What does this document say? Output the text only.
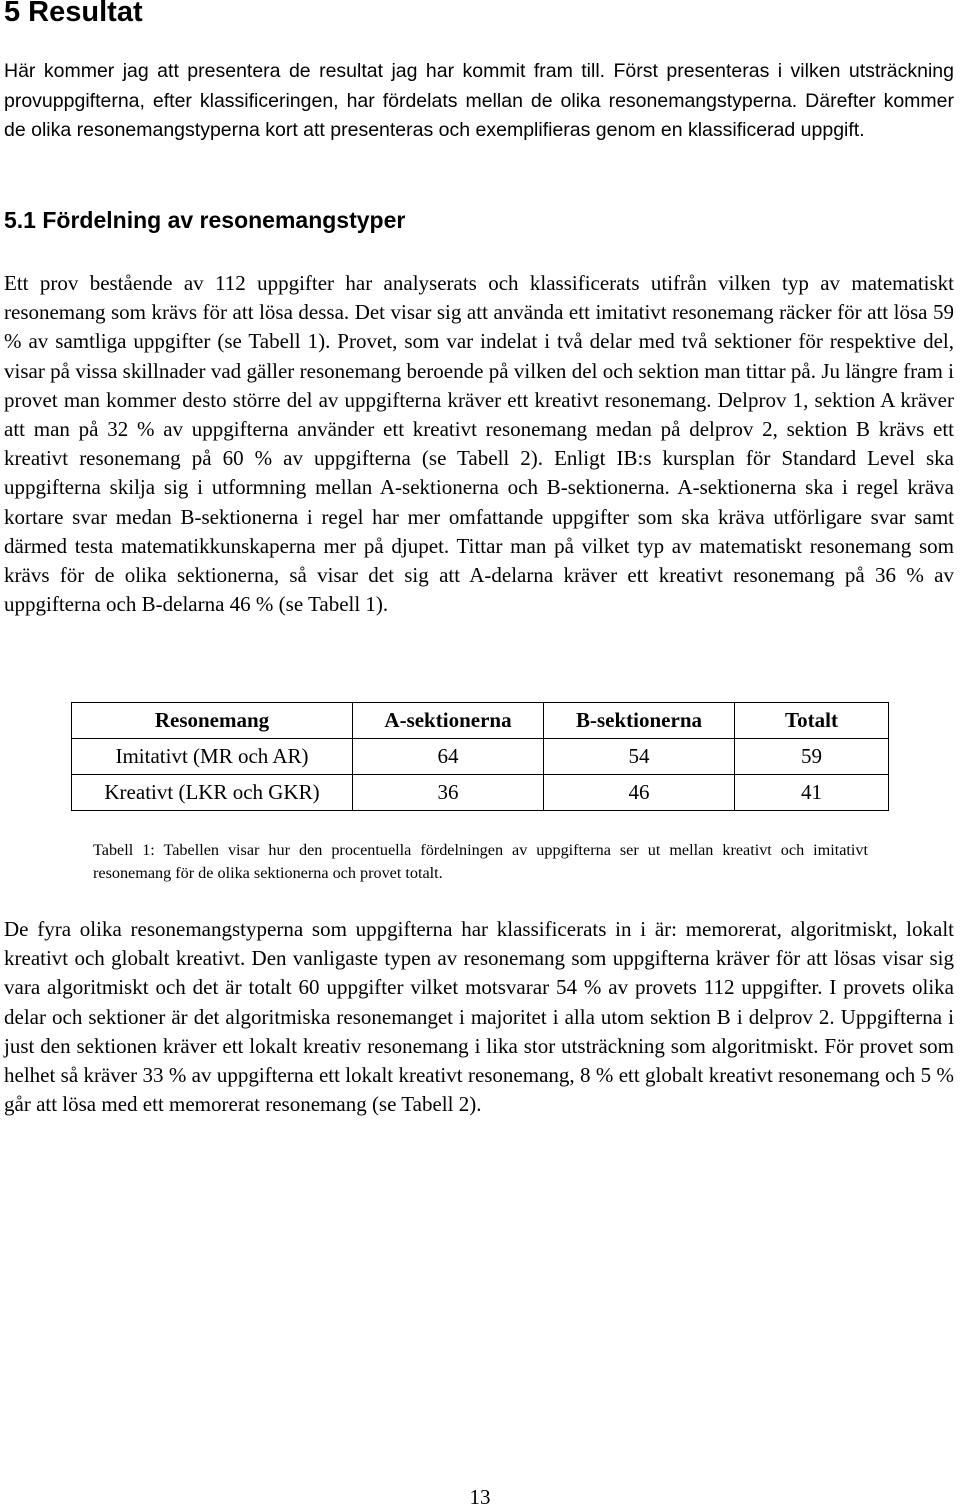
5 Resultat

Här kommer jag att presentera de resultat jag har kommit fram till. Först presenteras i vilken utsträckning provuppgifterna, efter klassificeringen, har fördelats mellan de olika resonemangstyperna. Därefter kommer de olika resonemangstyperna kort att presenteras och exemplifieras genom en klassificerad uppgift.

5.1 Fördelning av resonemangstyper

Ett prov bestående av 112 uppgifter har analyserats och klassificerats utifrån vilken typ av matematiskt resonemang som krävs för att lösa dessa. Det visar sig att använda ett imitativt resonemang räcker för att lösa 59 % av samtliga uppgifter (se Tabell 1). Provet, som var indelat i två delar med två sektioner för respektive del, visar på vissa skillnader vad gäller resonemang beroende på vilken del och sektion man tittar på. Ju längre fram i provet man kommer desto större del av uppgifterna kräver ett kreativt resonemang. Delprov 1, sektion A kräver att man på 32 % av uppgifterna använder ett kreativt resonemang medan på delprov 2, sektion B krävs ett kreativt resonemang på 60 % av uppgifterna (se Tabell 2). Enligt IB:s kursplan för Standard Level ska uppgifterna skilja sig i utformning mellan A-sektionerna och B-sektionerna. A-sektionerna ska i regel kräva kortare svar medan B-sektionerna i regel har mer omfattande uppgifter som ska kräva utförligare svar samt därmed testa matematikkunskaperna mer på djupet. Tittar man på vilket typ av matematiskt resonemang som krävs för de olika sektionerna, så visar det sig att A-delarna kräver ett kreativt resonemang på 36 % av uppgifterna och B-delarna 46 % (se Tabell 1).

Resonemang	A-sektionerna	B-sektionerna	Totalt
Imitativt (MR och AR)	64	54	59
Kreativt (LKR och GKR)	36	46	41

Tabell 1: Tabellen visar hur den procentuella fördelningen av uppgifterna ser ut mellan kreativt och imitativt resonemang för de olika sektionerna och provet totalt.

De fyra olika resonemangstyperna som uppgifterna har klassificerats in i är: memorerat, algoritmiskt, lokalt kreativt och globalt kreativt. Den vanligaste typen av resonemang som uppgifterna kräver för att lösas visar sig vara algoritmiskt och det är totalt 60 uppgifter vilket motsvarar 54 % av provets 112 uppgifter. I provets olika delar och sektioner är det algoritmiska resonemanget i majoritet i alla utom sektion B i delprov 2. Uppgifterna i just den sektionen kräver ett lokalt kreativ resonemang i lika stor utsträckning som algoritmiskt. För provet som helhet så kräver 33 % av uppgifterna ett lokalt kreativt resonemang, 8 % ett globalt kreativt resonemang och 5 % går att lösa med ett memorerat resonemang (se Tabell 2).

13
